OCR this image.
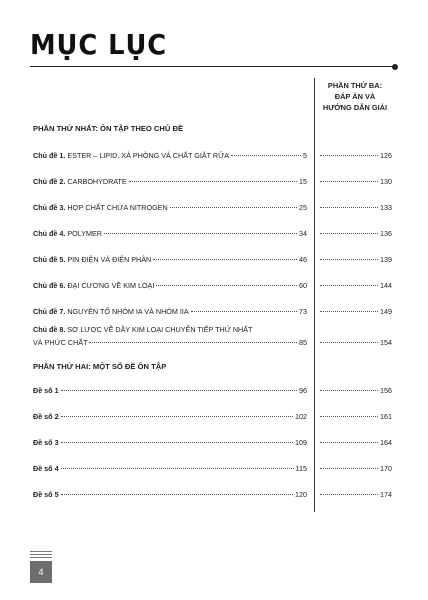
MỤC LỤC
PHẦN THỨ BA:
ĐÁP ÁN VÀ
HƯỚNG DẪN GIẢI

PHẦN THỨ NHẤT: ÔN TẬP THEO CHỦ ĐỀ

Chủ đề 1. ESTER – LIPID. XÀ PHÒNG VÀ CHẤT GIẶT RỬA	5	126
Chủ đề 2. CARBOHYDRATE	15	130
Chủ đề 3. HỢP CHẤT CHỨA NITROGEN	25	133
Chủ đề 4. POLYMER	34	136
Chủ đề 5. PIN ĐIỆN VÀ ĐIỆN PHÂN	46	139
Chủ đề 6. ĐẠI CƯƠNG VỀ KIM LOẠI	60	144
Chủ đề 7. NGUYÊN TỐ NHÓM IA VÀ NHÓM IIA	73	149
Chủ đề 8. SƠ LƯỢC VỀ DÃY KIM LOẠI CHUYỂN TIẾP THỨ NHẤT
VÀ PHỨC CHẤT	85	154

PHẦN THỨ HAI: MỘT SỐ ĐỀ ÔN TẬP

Đề số 1	96	156
Đề số 2	102	161
Đề số 3	109	164
Đề số 4	115	170
Đề số 5	120	174
4
